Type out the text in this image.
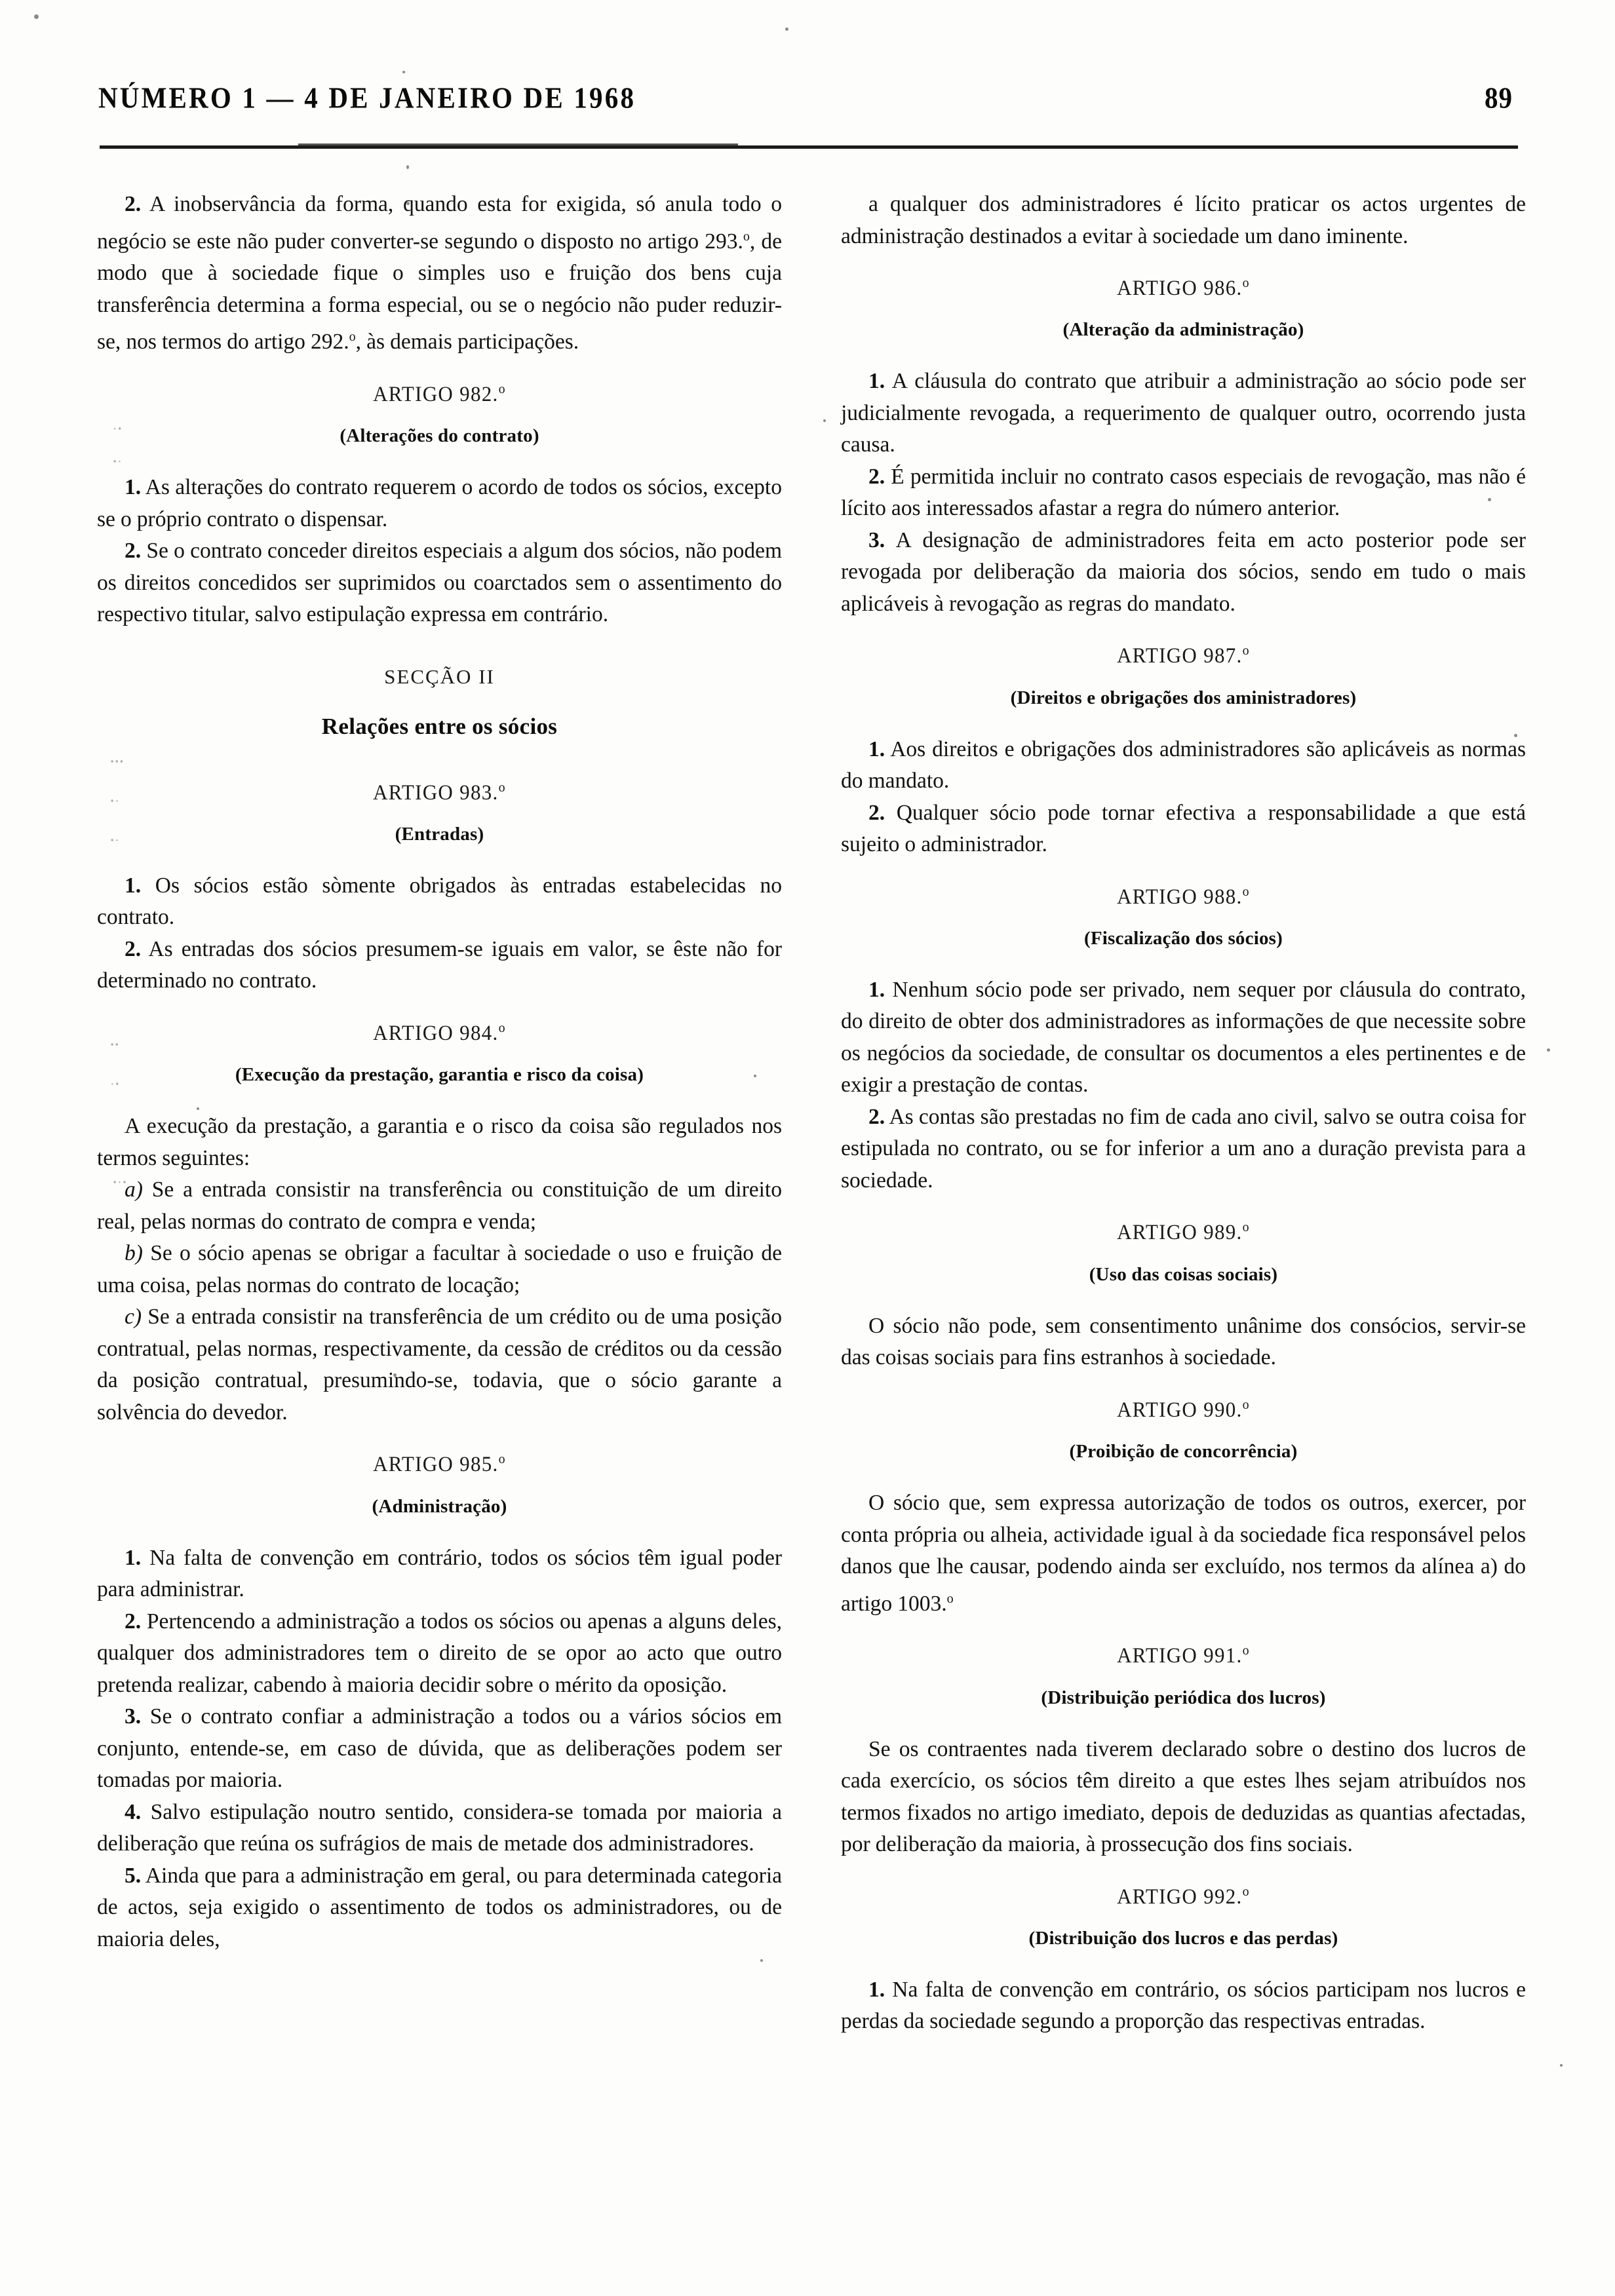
·ꞏ
ꞏ·
ꞏꞏꞏ
ꞏ·
ꞏ·
ꞏꞏ
·ꞏ
ꞏ·ꞏ
NÚMERO 1 — 4 DE JANEIRO DE 1968	89

2. A inobservância da forma, quando esta for exigida, só anula todo o negócio se este não puder converter-se segundo o disposto no artigo 293.$^o$, de modo que à sociedade fique o simples uso e fruição dos bens cuja transferência determina a forma especial, ou se o negócio não puder reduzir-se, nos termos do artigo 292.$^o$, às demais participações.

ARTIGO 982.$^o$
(Alterações do contrato)

1. As alterações do contrato requerem o acordo de todos os sócios, excepto se o próprio contrato o dispensar.

2. Se o contrato conceder direitos especiais a algum dos sócios, não podem os direitos concedidos ser suprimidos ou coarctados sem o assentimento do respectivo titular, salvo estipulação expressa em contrário.

SECÇÃO II
Relações entre os sócios
ARTIGO 983.$^o$
(Entradas)

1. Os sócios estão sòmente obrigados às entradas estabelecidas no contrato.

2. As entradas dos sócios presumem-se iguais em valor, se êste não for determinado no contrato.

ARTIGO 984.$^o$
(Execução da prestação, garantia e risco da coisa)

A execução da prestação, a garantia e o risco da coisa são regulados nos termos seguintes:

a) Se a entrada consistir na transferência ou constituição de um direito real, pelas normas do contrato de compra e venda;

b) Se o sócio apenas se obrigar a facultar à sociedade o uso e fruição de uma coisa, pelas normas do contrato de locação;

c) Se a entrada consistir na transferência de um crédito ou de uma posição contratual, pelas normas, respectivamente, da cessão de créditos ou da cessão da posição contratual, presumindo-se, todavia, que o sócio garante a solvência do devedor.

ARTIGO 985.$^o$
(Administração)

1. Na falta de convenção em contrário, todos os sócios têm igual poder para administrar.

2. Pertencendo a administração a todos os sócios ou apenas a alguns deles, qualquer dos administradores tem o direito de se opor ao acto que outro pretenda realizar, cabendo à maioria decidir sobre o mérito da oposição.

3. Se o contrato confiar a administração a todos ou a vários sócios em conjunto, entende-se, em caso de dúvida, que as deliberações podem ser tomadas por maioria.

4. Salvo estipulação noutro sentido, considera-se tomada por maioria a deliberação que reúna os sufrágios de mais de metade dos administradores.

5. Ainda que para a administração em geral, ou para determinada categoria de actos, seja exigido o assentimento de todos os administradores, ou de maioria deles,

a qualquer dos administradores é lícito praticar os actos urgentes de administração destinados a evitar à sociedade um dano iminente.

ARTIGO 986.$^o$
(Alteração da administração)

1. A cláusula do contrato que atribuir a administração ao sócio pode ser judicialmente revogada, a requerimento de qualquer outro, ocorrendo justa causa.

2. É permitida incluir no contrato casos especiais de revogação, mas não é lícito aos interessados afastar a regra do número anterior.

3. A designação de administradores feita em acto posterior pode ser revogada por deliberação da maioria dos sócios, sendo em tudo o mais aplicáveis à revogação as regras do mandato.

ARTIGO 987.$^o$
(Direitos e obrigações dos aministradores)

1. Aos direitos e obrigações dos administradores são aplicáveis as normas do mandato.

2. Qualquer sócio pode tornar efectiva a responsabilidade a que está sujeito o administrador.

ARTIGO 988.$^o$
(Fiscalização dos sócios)

1. Nenhum sócio pode ser privado, nem sequer por cláusula do contrato, do direito de obter dos administradores as informações de que necessite sobre os negócios da sociedade, de consultar os documentos a eles pertinentes e de exigir a prestação de contas.

2. As contas são prestadas no fim de cada ano civil, salvo se outra coisa for estipulada no contrato, ou se for inferior a um ano a duração prevista para a sociedade.

ARTIGO 989.$^o$
(Uso das coisas sociais)

O sócio não pode, sem consentimento unânime dos consócios, servir-se das coisas sociais para fins estranhos à sociedade.

ARTIGO 990.$^o$
(Proibição de concorrência)

O sócio que, sem expressa autorização de todos os outros, exercer, por conta própria ou alheia, actividade igual à da sociedade fica responsável pelos danos que lhe causar, podendo ainda ser excluído, nos termos da alínea a) do artigo 1003.$^o$

ARTIGO 991.$^o$
(Distribuição periódica dos lucros)

Se os contraentes nada tiverem declarado sobre o destino dos lucros de cada exercício, os sócios têm direito a que estes lhes sejam atribuídos nos termos fixados no artigo imediato, depois de deduzidas as quantias afectadas, por deliberação da maioria, à prossecução dos fins sociais.

ARTIGO 992.$^o$
(Distribuição dos lucros e das perdas)

1. Na falta de convenção em contrário, os sócios participam nos lucros e perdas da sociedade segundo a proporção das respectivas entradas.
